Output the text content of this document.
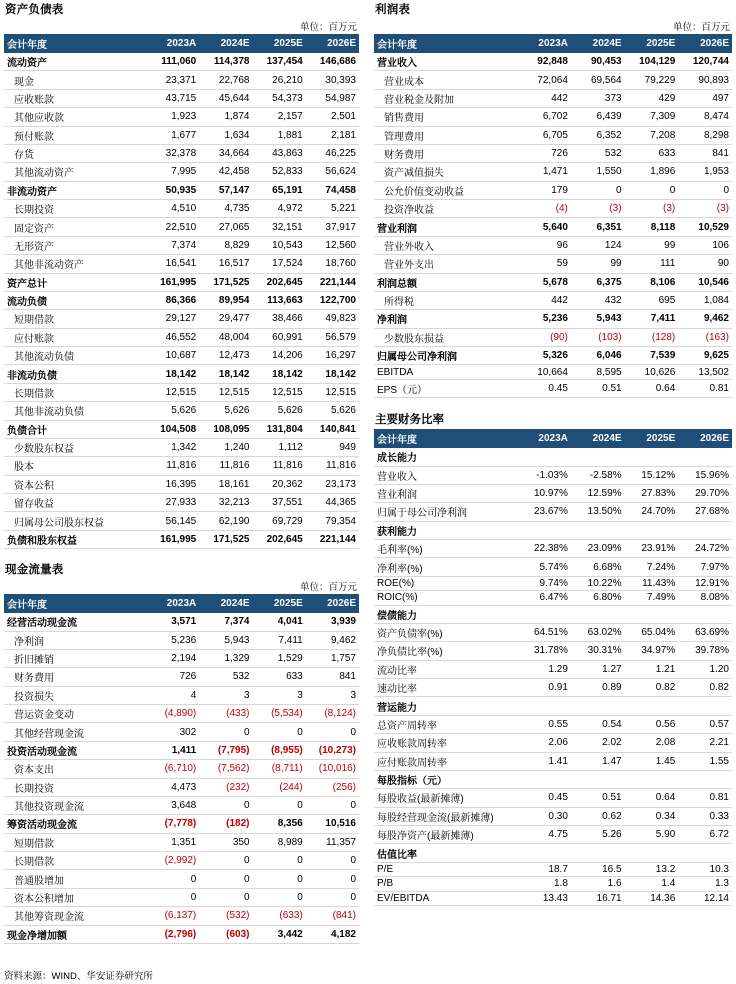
资产负债表
单位：百万元
会计年度	2023A	2024E	2025E	2026E
流动资产	111,060	114,378	137,454	146,686
现金	23,371	22,768	26,210	30,393
应收账款	43,715	45,644	54,373	54,987
其他应收款	1,923	1,874	2,157	2,501
预付账款	1,677	1,634	1,881	2,181
存货	32,378	34,664	43,863	46,225
其他流动资产	7,995	42,458	52,833	56,624
非流动资产	50,935	57,147	65,191	74,458
长期投资	4,510	4,735	4,972	5,221
固定资产	22,510	27,065	32,151	37,917
无形资产	7,374	8,829	10,543	12,560
其他非流动资产	16,541	16,517	17,524	18,760
资产总计	161,995	171,525	202,645	221,144
流动负债	86,366	89,954	113,663	122,700
短期借款	29,127	29,477	38,466	49,823
应付账款	46,552	48,004	60,991	56,579
其他流动负债	10,687	12,473	14,206	16,297
非流动负债	18,142	18,142	18,142	18,142
长期借款	12,515	12,515	12,515	12,515
其他非流动负债	5,626	5,626	5,626	5,626
负债合计	104,508	108,095	131,804	140,841
少数股东权益	1,342	1,240	1,112	949
股本	11,816	11,816	11,816	11,816
资本公积	16,395	18,161	20,362	23,173
留存收益	27,933	32,213	37,551	44,365
归属母公司股东权益	56,145	62,190	69,729	79,354
负债和股东权益	161,995	171,525	202,645	221,144
现金流量表
单位：百万元
会计年度	2023A	2024E	2025E	2026E
经营活动现金流	3,571	7,374	4,041	3,939
净利润	5,236	5,943	7,411	9,462
折旧摊销	2,194	1,329	1,529	1,757
财务费用	726	532	633	841
投资损失	4	3	3	3
营运资金变动	(4,890)	(433)	(5,534)	(8,124)
其他经营现金流	302	0	0	0
投资活动现金流	1,411	(7,795)	(8,955)	(10,273)
资本支出	(6,710)	(7,562)	(8,711)	(10,016)
长期投资	4,473	(232)	(244)	(256)
其他投资现金流	3,648	0	0	0
筹资活动现金流	(7,778)	(182)	8,356	10,516
短期借款	1,351	350	8,989	11,357
长期借款	(2,992)	0	0	0
普通股增加	0	0	0	0
资本公积增加	0	0	0	0
其他筹资现金流	(6,137)	(532)	(633)	(841)
现金净增加额	(2,796)	(603)	3,442	4,182
利润表
单位：百万元
会计年度	2023A	2024E	2025E	2026E
营业收入	92,848	90,453	104,129	120,744
营业成本	72,064	69,564	79,229	90,893
营业税金及附加	442	373	429	497
销售费用	6,702	6,439	7,309	8,474
管理费用	6,705	6,352	7,208	8,298
财务费用	726	532	633	841
资产减值损失	1,471	1,550	1,896	1,953
公允价值变动收益	179	0	0	0
投资净收益	(4)	(3)	(3)	(3)
营业利润	5,640	6,351	8,118	10,529
营业外收入	96	124	99	106
营业外支出	59	99	111	90
利润总额	5,678	6,375	8,106	10,546
所得税	442	432	695	1,084
净利润	5,236	5,943	7,411	9,462
少数股东损益	(90)	(103)	(128)	(163)
归属母公司净利润	5,326	6,046	7,539	9,625
EBITDA	10,664	8,595	10,626	13,502
EPS（元）	0.45	0.51	0.64	0.81
主要财务比率
会计年度	2023A	2024E	2025E	2026E
成长能力				
营业收入	-1.03%	-2.58%	15.12%	15.96%
营业利润	10.97%	12.59%	27.83%	29.70%
归属于母公司净利润	23.67%	13.50%	24.70%	27.68%
获利能力				
毛利率(%)	22.38%	23.09%	23.91%	24.72%
净利率(%)	5.74%	6.68%	7.24%	7.97%
ROE(%)	9.74%	10.22%	11.43%	12.91%
ROIC(%)	6.47%	6.80%	7.49%	8.08%
偿债能力				
资产负债率(%)	64.51%	63.02%	65.04%	63.69%
净负债比率(%)	31.78%	30.31%	34.97%	39.78%
流动比率	1.29	1.27	1.21	1.20
速动比率	0.91	0.89	0.82	0.82
营运能力				
总资产周转率	0.55	0.54	0.56	0.57
应收账款周转率	2.06	2.02	2.08	2.21
应付账款周转率	1.41	1.47	1.45	1.55
每股指标（元）				
每股收益(最新摊薄)	0.45	0.51	0.64	0.81
每股经营现金流(最新摊薄)	0.30	0.62	0.34	0.33
每股净资产(最新摊薄)	4.75	5.26	5.90	6.72
估值比率				
P/E	18.7	16.5	13.2	10.3
P/B	1.8	1.6	1.4	1.3
EV/EBITDA	13.43	16.71	14.36	12.14
资料来源：WIND、华安证券研究所
